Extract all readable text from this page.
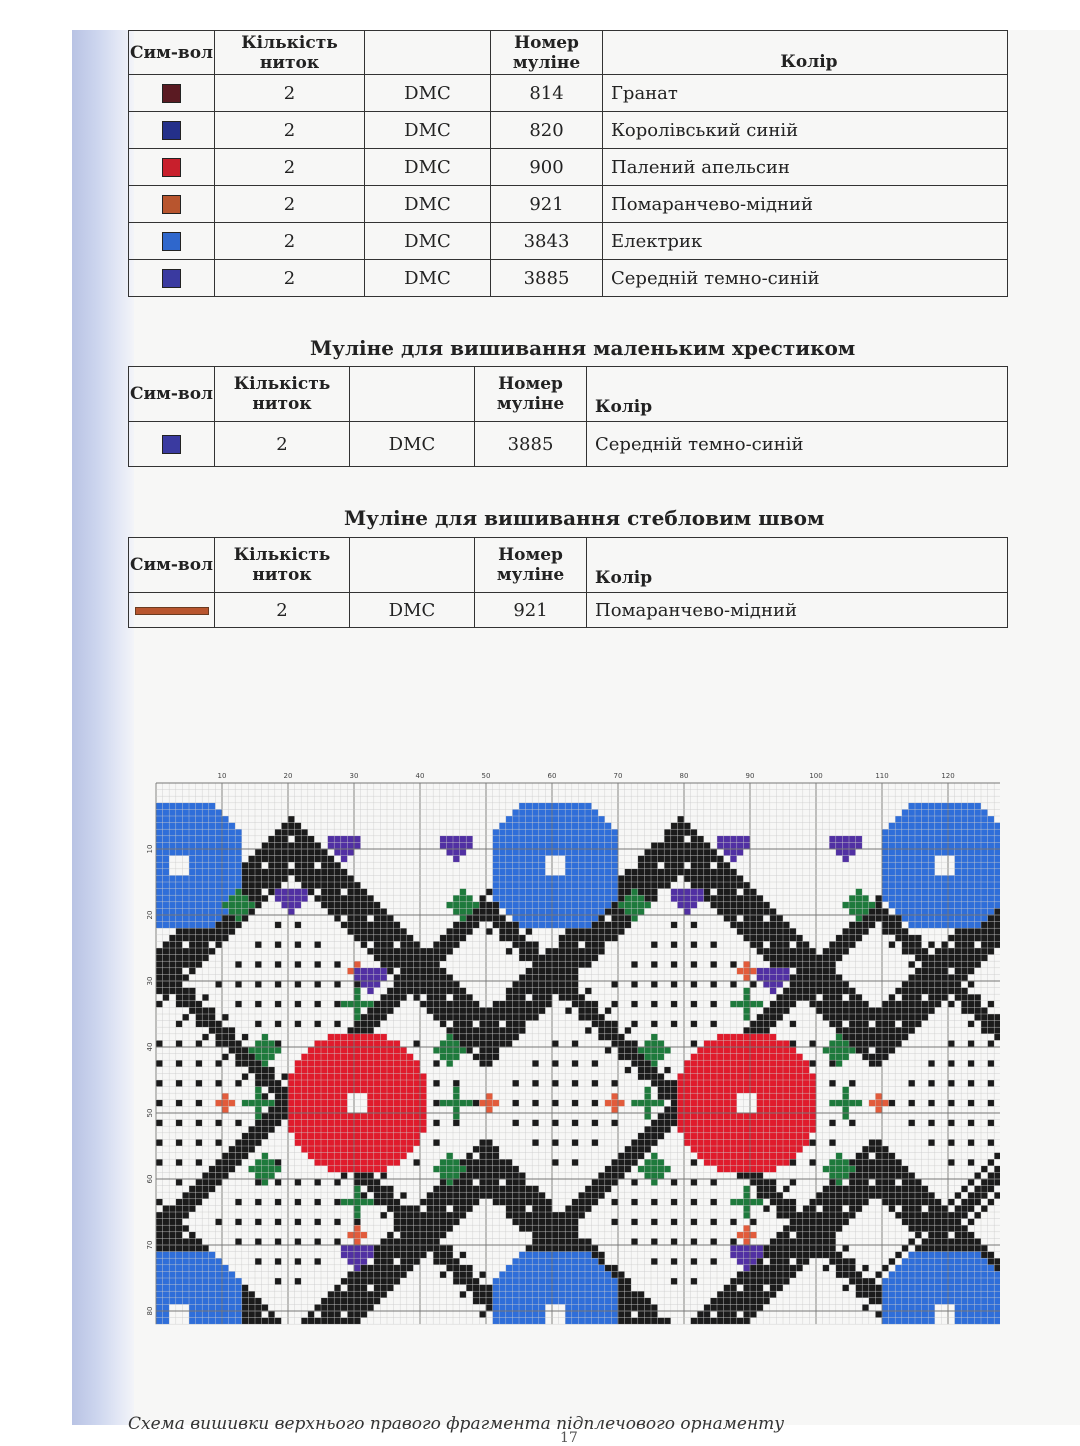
Сим-вол	Кількість ниток		Номер муліне	Колір
	2	DMC	814	Гранат
	2	DMC	820	Королівський синій
	2	DMC	900	Палений апельсин
	2	DMC	921	Помаранчево-мідний
	2	DMC	3843	Електрик
	2	DMC	3885	Середній темно-синій
Муліне для вишивання маленьким хрестиком
Сим-вол	Кількість ниток		Номер муліне	Колір
	2	DMC	3885	Середній темно-синій
Муліне для вишивання стебловим швом
Сим-вол	Кількість ниток		Номер муліне	Колір
	2	DMC	921	Помаранчево-мідний
10	20	30	40	50	60	70	80	90	100	110	120
10
20
30
40
50
60
70
80
Схема вишивки верхнього правого фрагмента підплечового орнаменту
17
